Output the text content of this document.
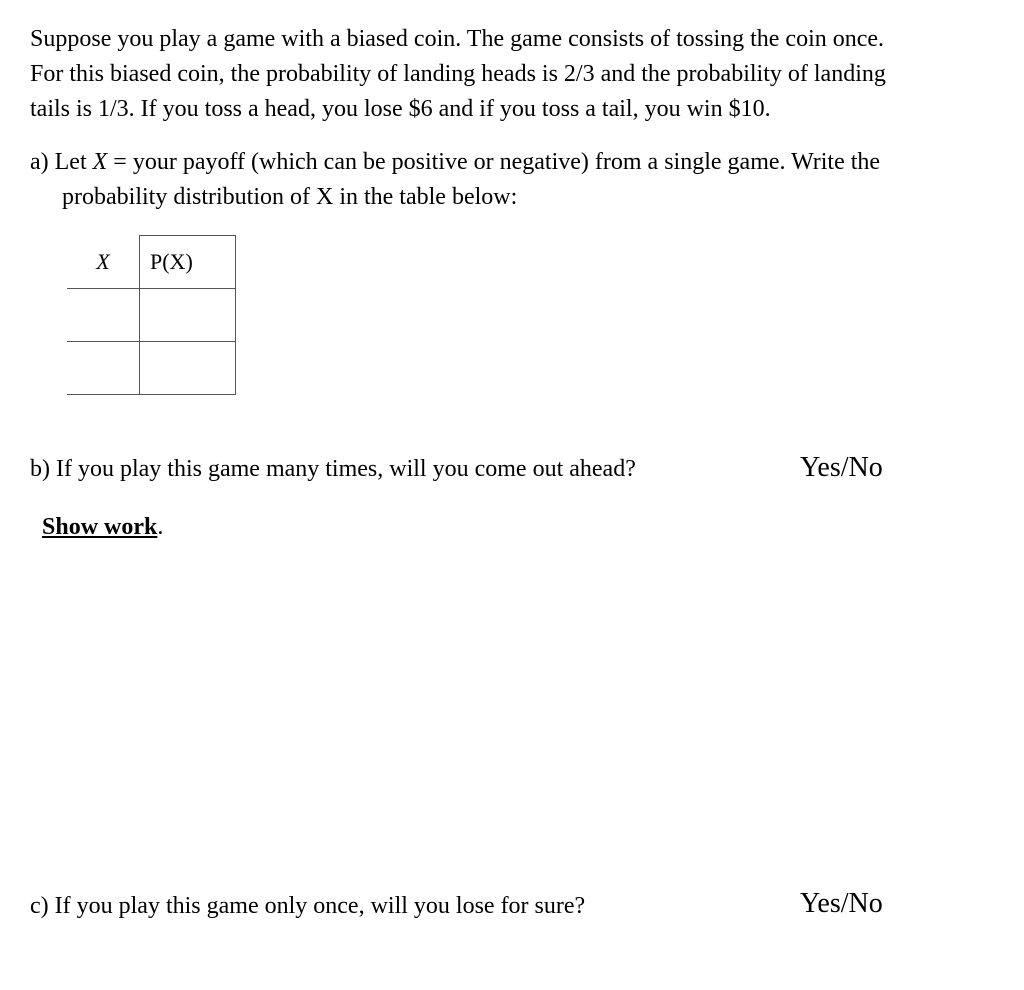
Suppose you play a game with a biased coin. The game consists of tossing the coin once.
For this biased coin, the probability of landing heads is 2/3 and the probability of landing
tails is 1/3. If you toss a head, you lose $6 and if you toss a tail, you win $10.
a) Let X = your payoff (which can be positive or negative) from a single game. Write the
probability distribution of X in the table below:
X	P(X)

b) If you play this game many times, will you come out ahead?	Yes/No
Show work.
c) If you play this game only once, will you lose for sure?	Yes/No
